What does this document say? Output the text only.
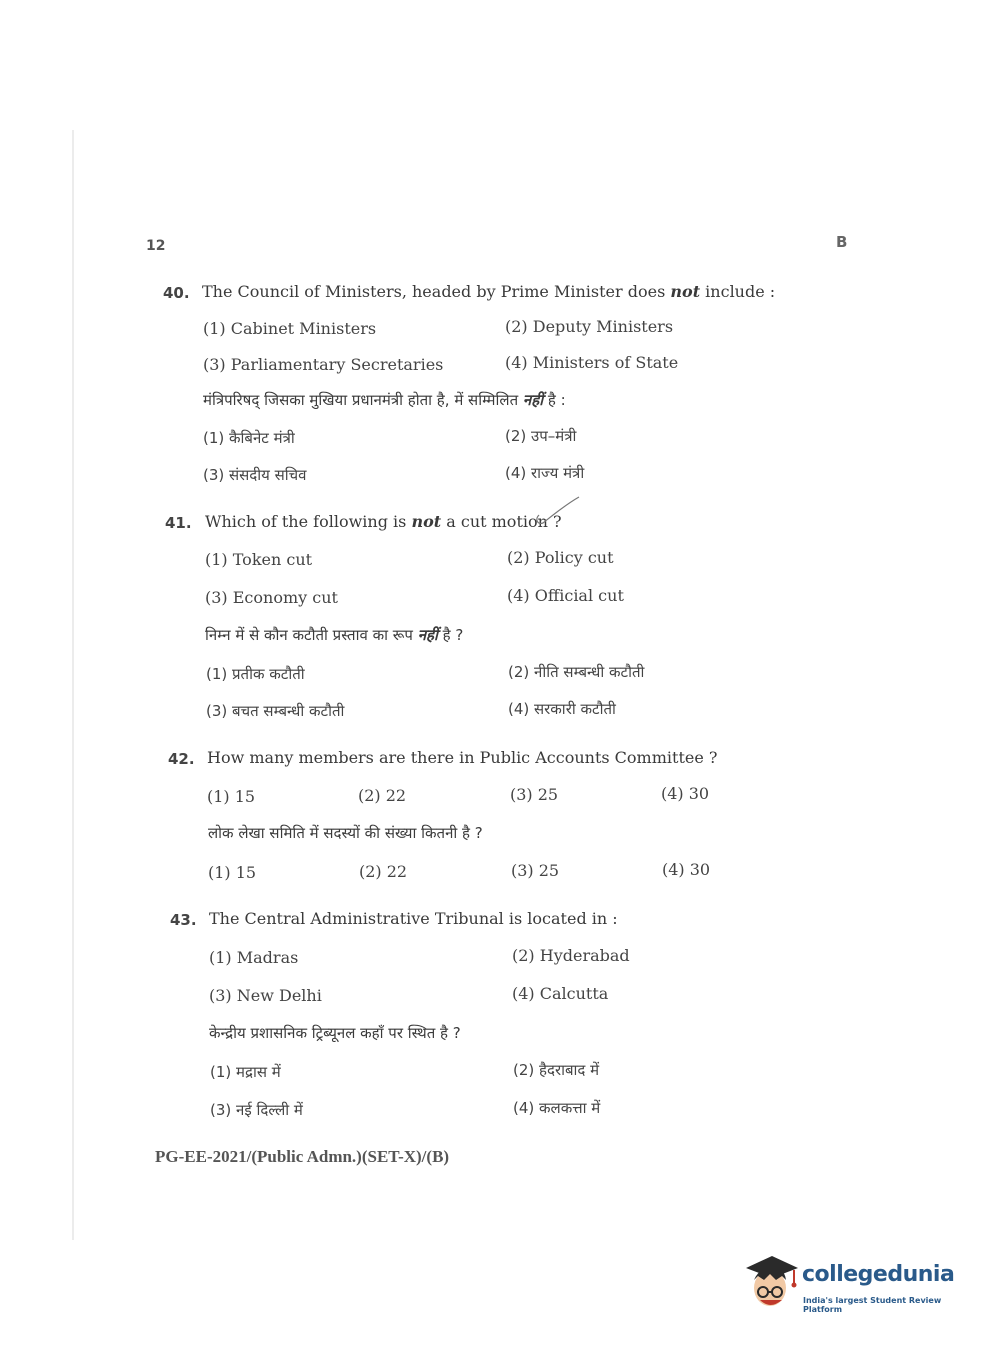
12	B
40. The Council of Ministers, headed by Prime Minister does not include :
(1) Cabinet Ministers	(2) Deputy Ministers
(3) Parliamentary Secretaries	(4) Ministers of State
मंत्रिपरिषद् जिसका मुखिया प्रधानमंत्री होता है, में सम्मिलित नहीं है :
(1) कैबिनेट मंत्री	(2) उप–मंत्री
(3) संसदीय सचिव	(4) राज्य मंत्री
41. Which of the following is not a cut motion ?
(1) Token cut	(2) Policy cut
(3) Economy cut	(4) Official cut
निम्न में से कौन कटौती प्रस्ताव का रूप नहीं है ?
(1) प्रतीक कटौती	(2) नीति सम्बन्धी कटौती
(3) बचत सम्बन्धी कटौती	(4) सरकारी कटौती
42. How many members are there in Public Accounts Committee ?
(1) 15	(2) 22	(3) 25	(4) 30
लोक लेखा समिति में सदस्यों की संख्या कितनी है ?
(1) 15	(2) 22	(3) 25	(4) 30
43. The Central Administrative Tribunal is located in :
(1) Madras	(2) Hyderabad
(3) New Delhi	(4) Calcutta
केन्द्रीय प्रशासनिक ट्रिब्यूनल कहाँ पर स्थित है ?
(1) मद्रास में	(2) हैदराबाद में
(3) नई दिल्ली में	(4) कलकत्ता में
PG-EE-2021/(Public Admn.)(SET-X)/(B)
collegedunia
India's largest Student Review Platform
